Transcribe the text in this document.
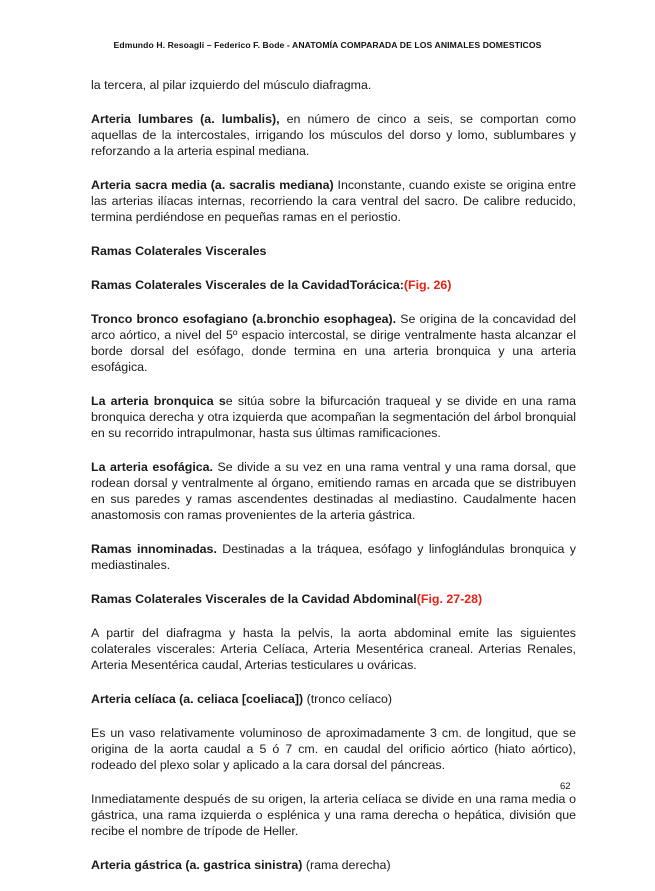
Edmundo H. Resoagli – Federico F. Bode - ANATOMÍA COMPARADA DE LOS ANIMALES DOMESTICOS

la tercera, al pilar izquierdo del músculo diafragma.

Arteria lumbares (a. lumbalis), en número de cinco a seis, se comportan como aquellas de la intercostales, irrigando los músculos del dorso y lomo, sublumbares y reforzando a la arteria espinal mediana.

Arteria sacra media (a. sacralis mediana) Inconstante, cuando existe se origina entre las arterias ilíacas internas, recorriendo la cara ventral del sacro. De calibre reducido, termina perdiéndose en pequeñas ramas en el periostio.

Ramas Colaterales Viscerales

Ramas Colaterales Viscerales de la CavidadTorácica:(Fig. 26)

Tronco bronco esofagiano (a.bronchio esophagea). Se origina de la concavidad del arco aórtico, a nivel del 5º espacio intercostal, se dirige ventralmente hasta alcanzar el borde dorsal del esófago, donde termina en una arteria bronquica y una arteria esofágica.

La arteria bronquica se sitúa sobre la bifurcación traqueal y se divide en una rama bronquica derecha y otra izquierda que acompañan la segmentación del árbol bronquial en su recorrido intrapulmonar, hasta sus últimas ramificaciones.

La arteria esofágica. Se divide a su vez en una rama ventral y una rama dorsal, que rodean dorsal y ventralmente al órgano, emitiendo ramas en arcada que se distribuyen en sus paredes y ramas ascendentes destinadas al mediastino. Caudalmente hacen anastomosis con ramas provenientes de la arteria gástrica.

Ramas innominadas. Destinadas a la tráquea, esófago y linfoglándulas bronquica y mediastinales.

Ramas Colaterales Viscerales de la Cavidad Abdominal(Fig. 27-28)

A partir del diafragma y hasta la pelvis, la aorta abdominal emite las siguientes colaterales viscerales: Arteria Celíaca, Arteria Mesentérica craneal. Arterias Renales, Arteria Mesentérica caudal, Arterias testiculares u ováricas.

Arteria celíaca (a. celiaca [coeliaca]) (tronco celíaco)

Es un vaso relativamente voluminoso de aproximadamente 3 cm. de longitud, que se origina de la aorta caudal a 5 ó 7 cm. en caudal del orificio aórtico (hiato aórtico), rodeado del plexo solar y aplicado a la cara dorsal del páncreas.

Inmediatamente después de su origen, la arteria celíaca se divide en una rama media o gástrica, una rama izquierda o esplénica y una rama derecha o hepática, división que recibe el nombre de trípode de Heller.

Arteria gástrica (a. gastrica sinistra) (rama derecha)

62
